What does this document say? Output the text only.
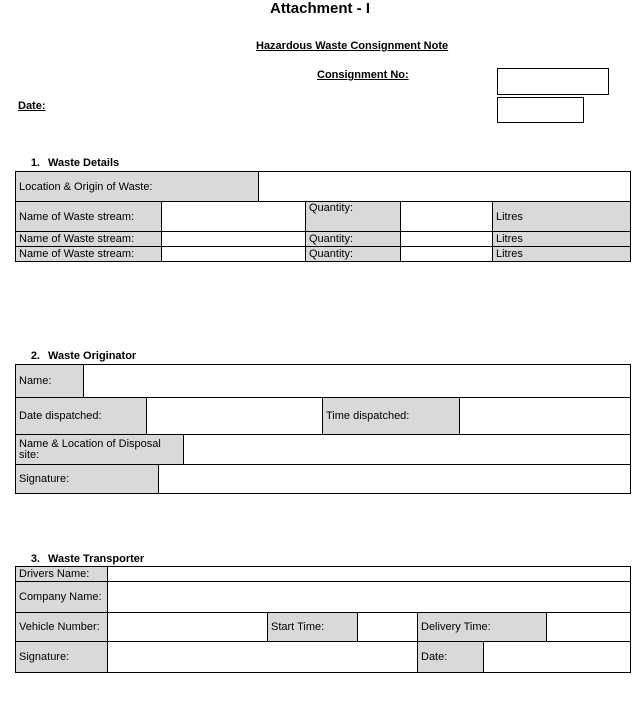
Attachment - I
Hazardous Waste Consignment Note
Consignment No:
Date:
1. Waste Details
Location & Origin of Waste:	
Name of Waste stream:		Quantity:		Litres
Name of Waste stream:		Quantity:		Litres
Name of Waste stream:		Quantity:		Litres
2. Waste Originator
Name:	
Date dispatched:		Time dispatched:	
Name & Location of Disposal site:	
Signature:	
3. Waste Transporter
Drivers Name:	
Company Name:	
Vehicle Number:		Start Time:		Delivery Time:	
Signature:		Date:	
